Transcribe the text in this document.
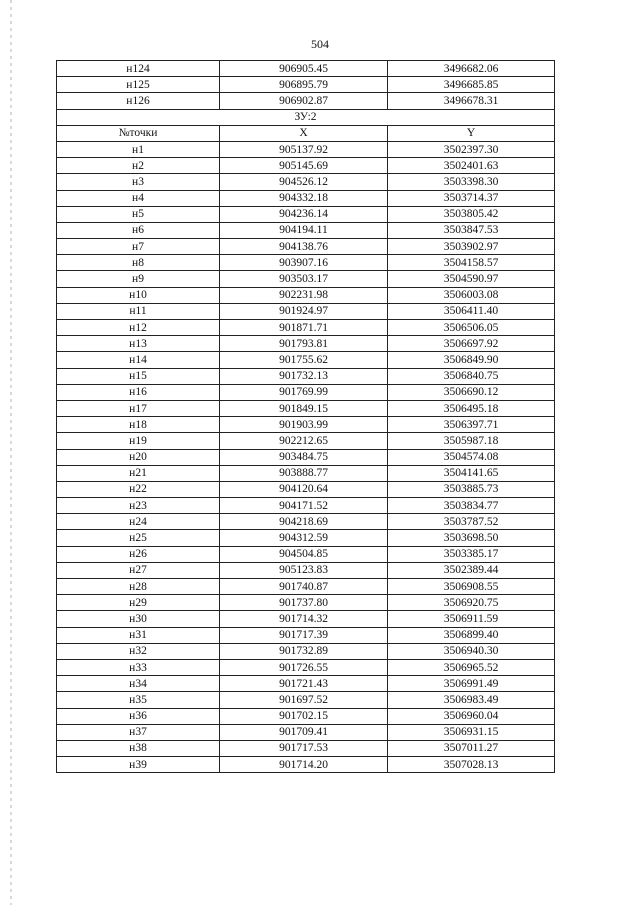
504
н124	906905.45	3496682.06
н125	906895.79	3496685.85
н126	906902.87	3496678.31
ЗУ:2		
№точки	X	Y
н1	905137.92	3502397.30
н2	905145.69	3502401.63
н3	904526.12	3503398.30
н4	904332.18	3503714.37
н5	904236.14	3503805.42
н6	904194.11	3503847.53
н7	904138.76	3503902.97
н8	903907.16	3504158.57
н9	903503.17	3504590.97
н10	902231.98	3506003.08
н11	901924.97	3506411.40
н12	901871.71	3506506.05
н13	901793.81	3506697.92
н14	901755.62	3506849.90
н15	901732.13	3506840.75
н16	901769.99	3506690.12
н17	901849.15	3506495.18
н18	901903.99	3506397.71
н19	902212.65	3505987.18
н20	903484.75	3504574.08
н21	903888.77	3504141.65
н22	904120.64	3503885.73
н23	904171.52	3503834.77
н24	904218.69	3503787.52
н25	904312.59	3503698.50
н26	904504.85	3503385.17
н27	905123.83	3502389.44
н28	901740.87	3506908.55
н29	901737.80	3506920.75
н30	901714.32	3506911.59
н31	901717.39	3506899.40
н32	901732.89	3506940.30
н33	901726.55	3506965.52
н34	901721.43	3506991.49
н35	901697.52	3506983.49
н36	901702.15	3506960.04
н37	901709.41	3506931.15
н38	901717.53	3507011.27
н39	901714.20	3507028.13
